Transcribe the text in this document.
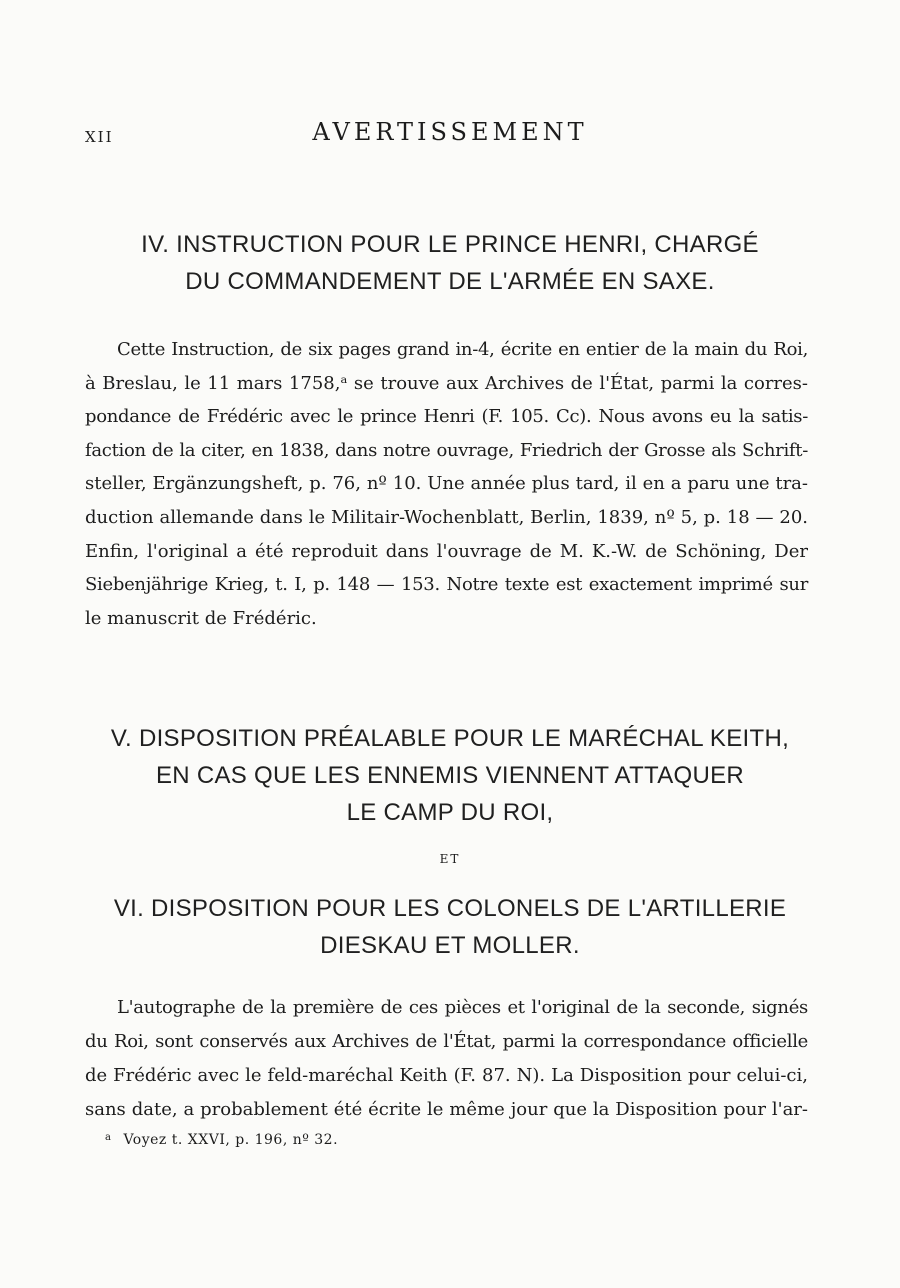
XII	AVERTISSEMENT
IV. INSTRUCTION POUR LE PRINCE HENRI, CHARGÉ
DU COMMANDEMENT DE L'ARMÉE EN SAXE.
Cette Instruction, de six pages grand in-4, écrite en entier de la main du Roi,
à Breslau, le 11 mars 1758,ᵃ se trouve aux Archives de l'État, parmi la corres-
pondance de Frédéric avec le prince Henri (F. 105. Cc). Nous avons eu la satis-
faction de la citer, en 1838, dans notre ouvrage, Friedrich der Grosse als Schrift-
steller, Ergänzungsheft, p. 76, nº 10. Une année plus tard, il en a paru une tra-
duction allemande dans le Militair-Wochenblatt, Berlin, 1839, nº 5, p. 18 — 20.
Enfin, l'original a été reproduit dans l'ouvrage de M. K.-W. de Schöning, Der
Siebenjährige Krieg, t. I, p. 148 — 153. Notre texte est exactement imprimé sur
le manuscrit de Frédéric.
V. DISPOSITION PRÉALABLE POUR LE MARÉCHAL KEITH,
EN CAS QUE LES ENNEMIS VIENNENT ATTAQUER
LE CAMP DU ROI,
ET
VI. DISPOSITION POUR LES COLONELS DE L'ARTILLERIE
DIESKAU ET MOLLER.
L'autographe de la première de ces pièces et l'original de la seconde, signés
du Roi, sont conservés aux Archives de l'État, parmi la correspondance officielle
de Frédéric avec le feld-maréchal Keith (F. 87. N). La Disposition pour celui-ci,
sans date, a probablement été écrite le même jour que la Disposition pour l'ar-
$^a$ Voyez t. XXVI, p. 196, nº 32.
